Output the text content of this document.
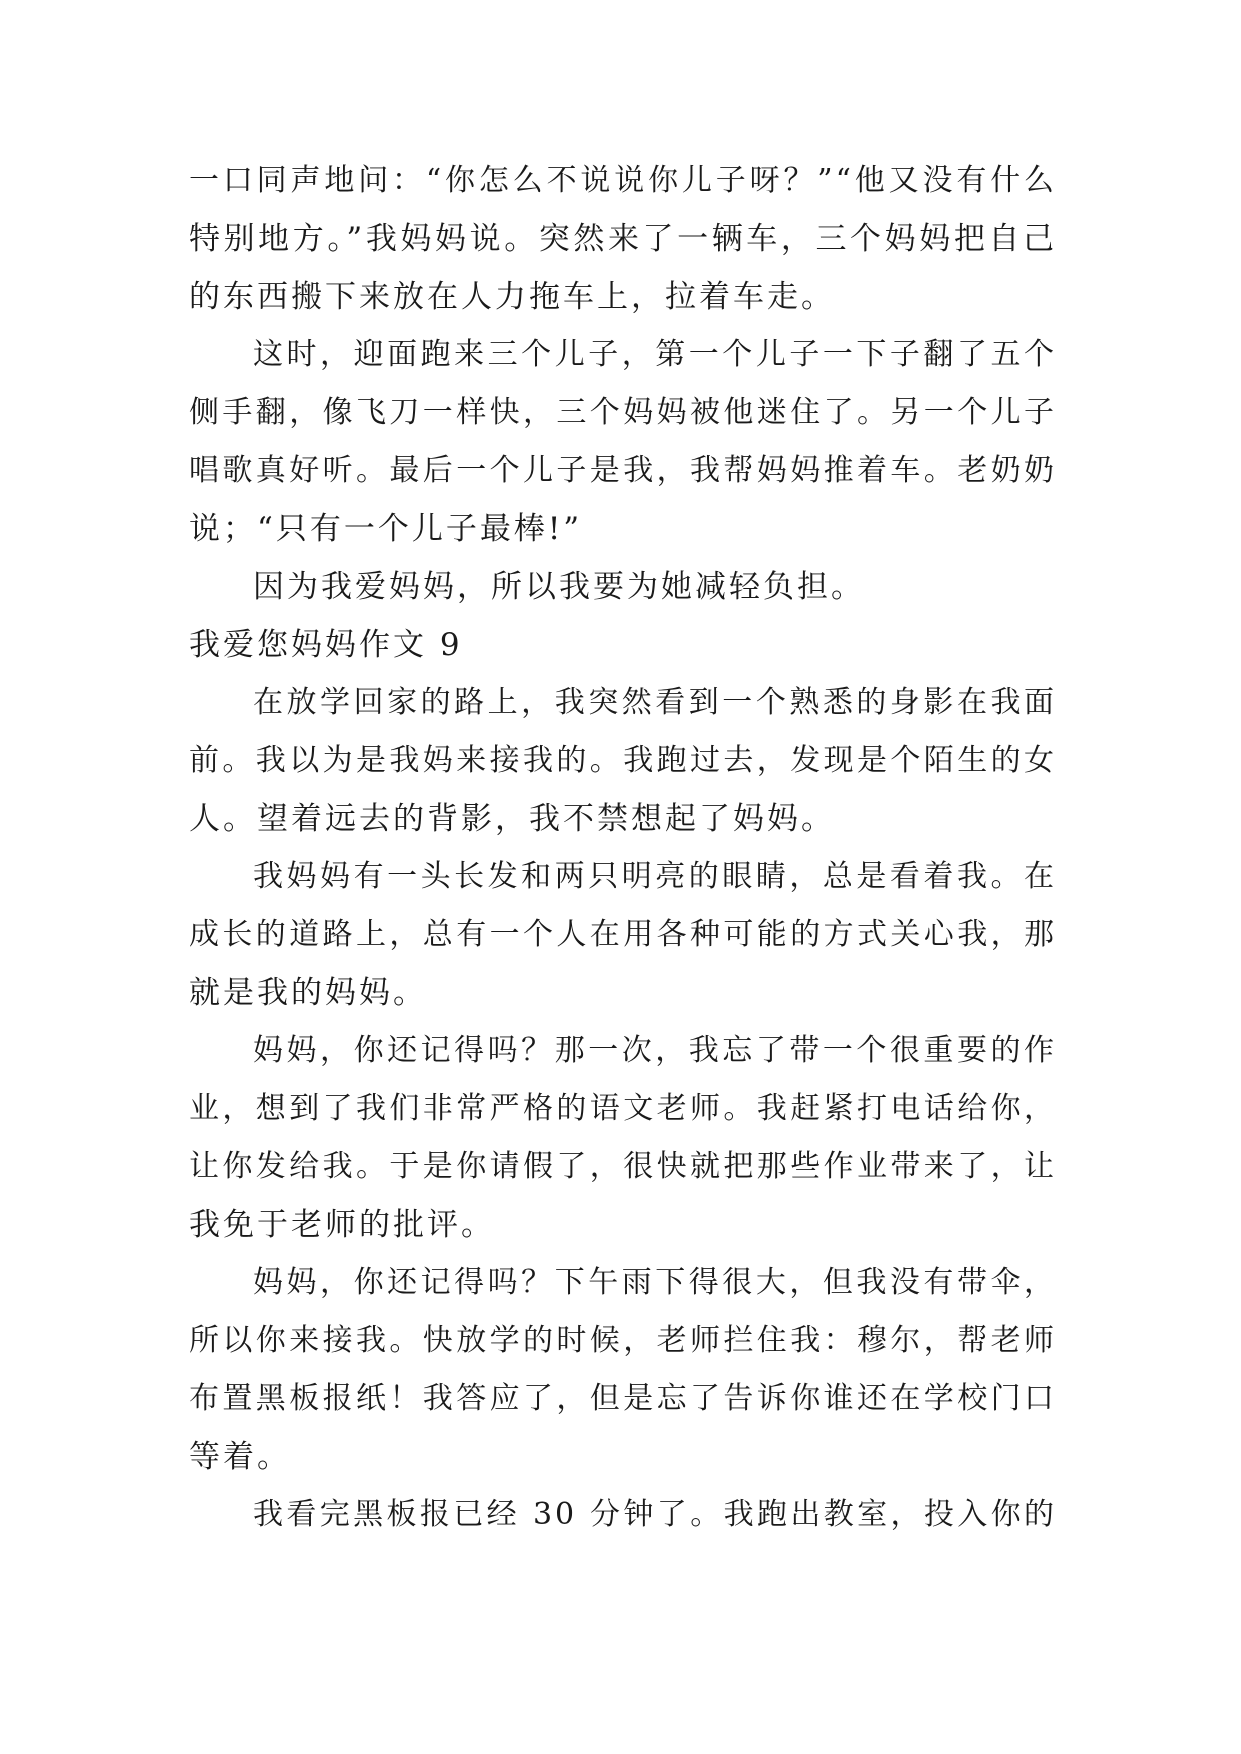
一口同声地问：“你怎么不说说你儿子呀？”“他又没有什么
特别地方。”我妈妈说。突然来了一辆车，三个妈妈把自己
的东西搬下来放在人力拖车上，拉着车走。
这时，迎面跑来三个儿子，第一个儿子一下子翻了五个
侧手翻，像飞刀一样快，三个妈妈被他迷住了。另一个儿子
唱歌真好听。最后一个儿子是我，我帮妈妈推着车。老奶奶
说；“只有一个儿子最棒!”
因为我爱妈妈，所以我要为她减轻负担。
我爱您妈妈作文 9
在放学回家的路上，我突然看到一个熟悉的身影在我面
前。我以为是我妈来接我的。我跑过去，发现是个陌生的女
人。望着远去的背影，我不禁想起了妈妈。
我妈妈有一头长发和两只明亮的眼睛，总是看着我。在
成长的道路上，总有一个人在用各种可能的方式关心我，那
就是我的妈妈。
妈妈，你还记得吗？那一次，我忘了带一个很重要的作
业，想到了我们非常严格的语文老师。我赶紧打电话给你，
让你发给我。于是你请假了，很快就把那些作业带来了，让
我免于老师的批评。
妈妈，你还记得吗？下午雨下得很大，但我没有带伞，
所以你来接我。快放学的时候，老师拦住我：穆尔，帮老师
布置黑板报纸！我答应了，但是忘了告诉你谁还在学校门口
等着。
我看完黑板报已经 30 分钟了。我跑出教室，投入你的
